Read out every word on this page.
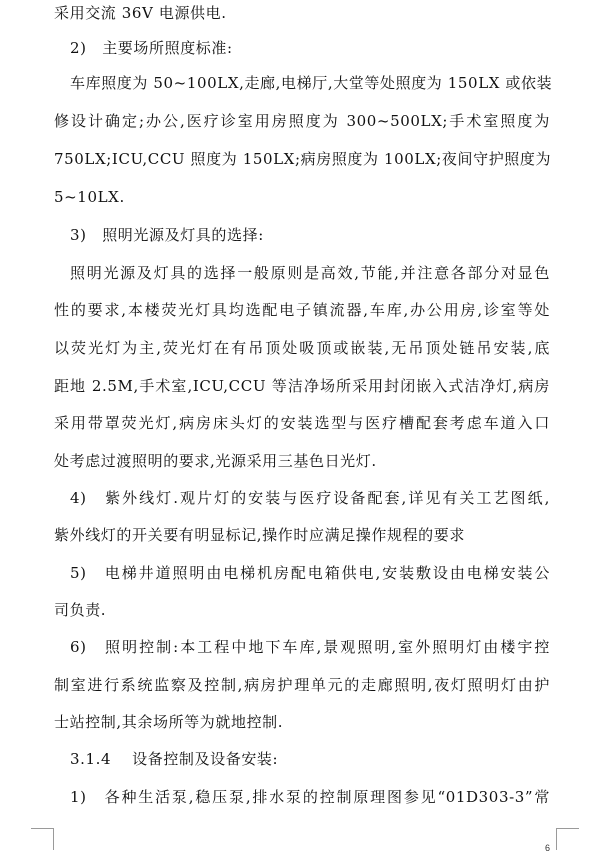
采用交流 36V 电源供电.
2)　主要场所照度标准:
车库照度为 50~100LX,走廊,电梯厅,大堂等处照度为 150LX 或依装
修设计确定;办公,医疗诊室用房照度为 300~500LX;手术室照度为
750LX;ICU,CCU 照度为 150LX;病房照度为 100LX;夜间守护照度为
5~10LX.
3)　照明光源及灯具的选择:
照明光源及灯具的选择一般原则是高效,节能,并注意各部分对显色
性的要求,本楼荧光灯具均选配电子镇流器,车库,办公用房,诊室等处
以荧光灯为主,荧光灯在有吊顶处吸顶或嵌装,无吊顶处链吊安装,底
距地 2.5M,手术室,ICU,CCU 等洁净场所采用封闭嵌入式洁净灯,病房
采用带罩荧光灯,病房床头灯的安装选型与医疗槽配套考虑车道入口
处考虑过渡照明的要求,光源采用三基色日光灯.
4)　紫外线灯.观片灯的安装与医疗设备配套,详见有关工艺图纸,
紫外线灯的开关要有明显标记,操作时应满足操作规程的要求
5)　电梯井道照明由电梯机房配电箱供电,安装敷设由电梯安装公
司负责.
6)　照明控制:本工程中地下车库,景观照明,室外照明灯由楼宇控
制室进行系统监察及控制,病房护理单元的走廊照明,夜灯照明灯由护
士站控制,其余场所等为就地控制.
3.1.4　 设备控制及设备安装:
1)　各种生活泵,稳压泵,排水泵的控制原理图参见“01D303-3”常
6
